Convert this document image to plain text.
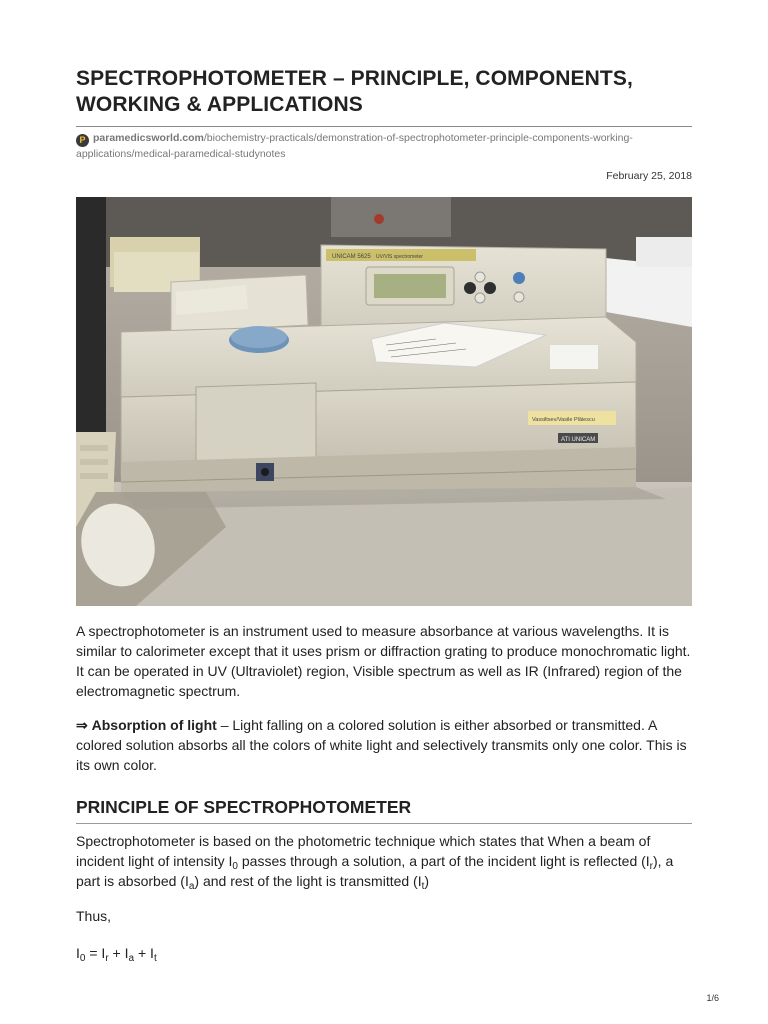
SPECTROPHOTOMETER – PRINCIPLE, COMPONENTS,
WORKING & APPLICATIONS
P paramedicsworld.com/biochemistry-practicals/demonstration-of-spectrophotometer-principle-components-working-applications/medical-paramedical-studynotes
February 25, 2018
UNICAM 5625 UV/VIS spectrometer
Vassiltsev/Vasile Plăiescu
ATI UNICAM

A spectrophotometer is an instrument used to measure absorbance at various wavelengths. It is similar to calorimeter except that it uses prism or diffraction grating to produce monochromatic light. It can be operated in UV (Ultraviolet) region, Visible spectrum as well as IR (Infrared) region of the electromagnetic spectrum.

⇒ Absorption of light – Light falling on a colored solution is either absorbed or transmitted. A colored solution absorbs all the colors of white light and selectively transmits only one color. This is its own color.

PRINCIPLE OF SPECTROPHOTOMETER

Spectrophotometer is based on the photometric technique which states that When a beam of incident light of intensity $I_0$ passes through a solution, a part of the incident light is reflected $(I_r)$, a part is absorbed $(I_a)$ and rest of the light is transmitted $(I_t)$

Thus,

$I_0 = I_r + I_a + I_t$

1/6
